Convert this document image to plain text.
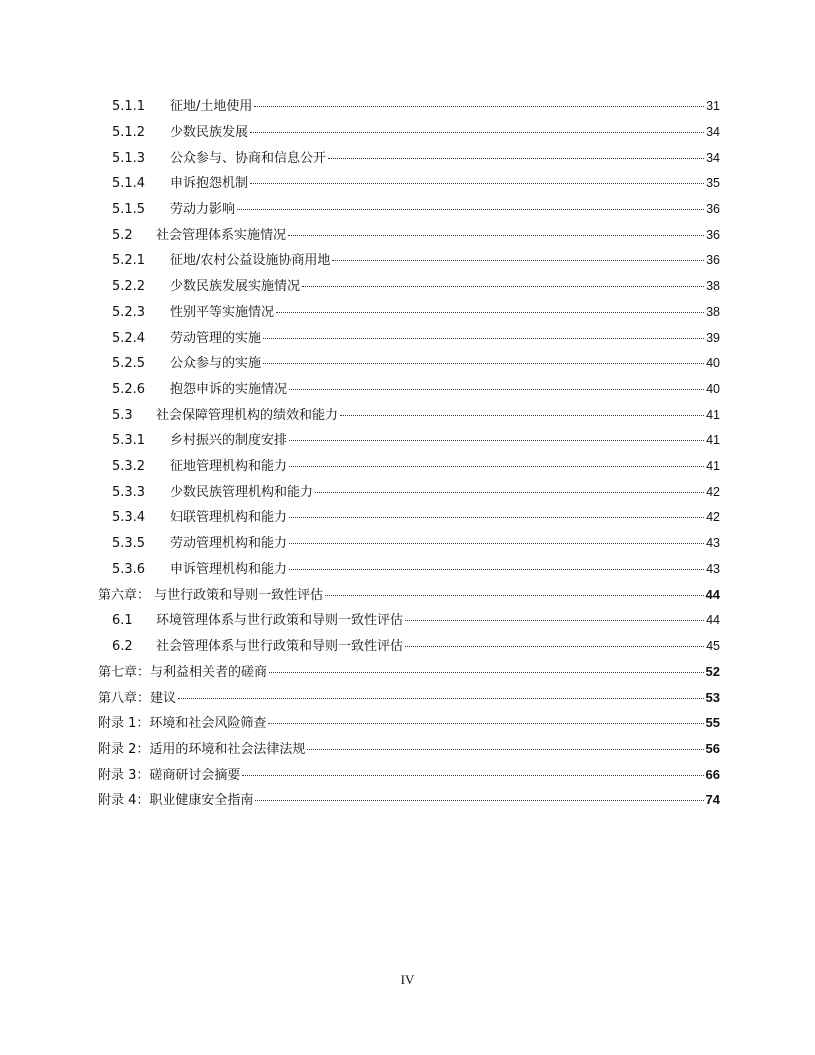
5.1.1	征地/土地使用	31
5.1.2	少数民族发展	34
5.1.3	公众参与、协商和信息公开	34
5.1.4	申诉抱怨机制	35
5.1.5	劳动力影响	36
5.2	社会管理体系实施情况	36
5.2.1	征地/农村公益设施协商用地	36
5.2.2	少数民族发展实施情况	38
5.2.3	性别平等实施情况	38
5.2.4	劳动管理的实施	39
5.2.5	公众参与的实施	40
5.2.6	抱怨申诉的实施情况	40
5.3	社会保障管理机构的绩效和能力	41
5.3.1	乡村振兴的制度安排	41
5.3.2	征地管理机构和能力	41
5.3.3	少数民族管理机构和能力	42
5.3.4	妇联管理机构和能力	42
5.3.5	劳动管理机构和能力	43
5.3.6	申诉管理机构和能力	43
第六章： 与世行政策和导则一致性评估	44
6.1	环境管理体系与世行政策和导则一致性评估	44
6.2	社会管理体系与世行政策和导则一致性评估	45
第七章：与利益相关者的磋商	52
第八章：建议	53
附录 1：环境和社会风险筛查	55
附录 2：适用的环境和社会法律法规	56
附录 3：磋商研讨会摘要	66
附录 4：职业健康安全指南	74
IV
